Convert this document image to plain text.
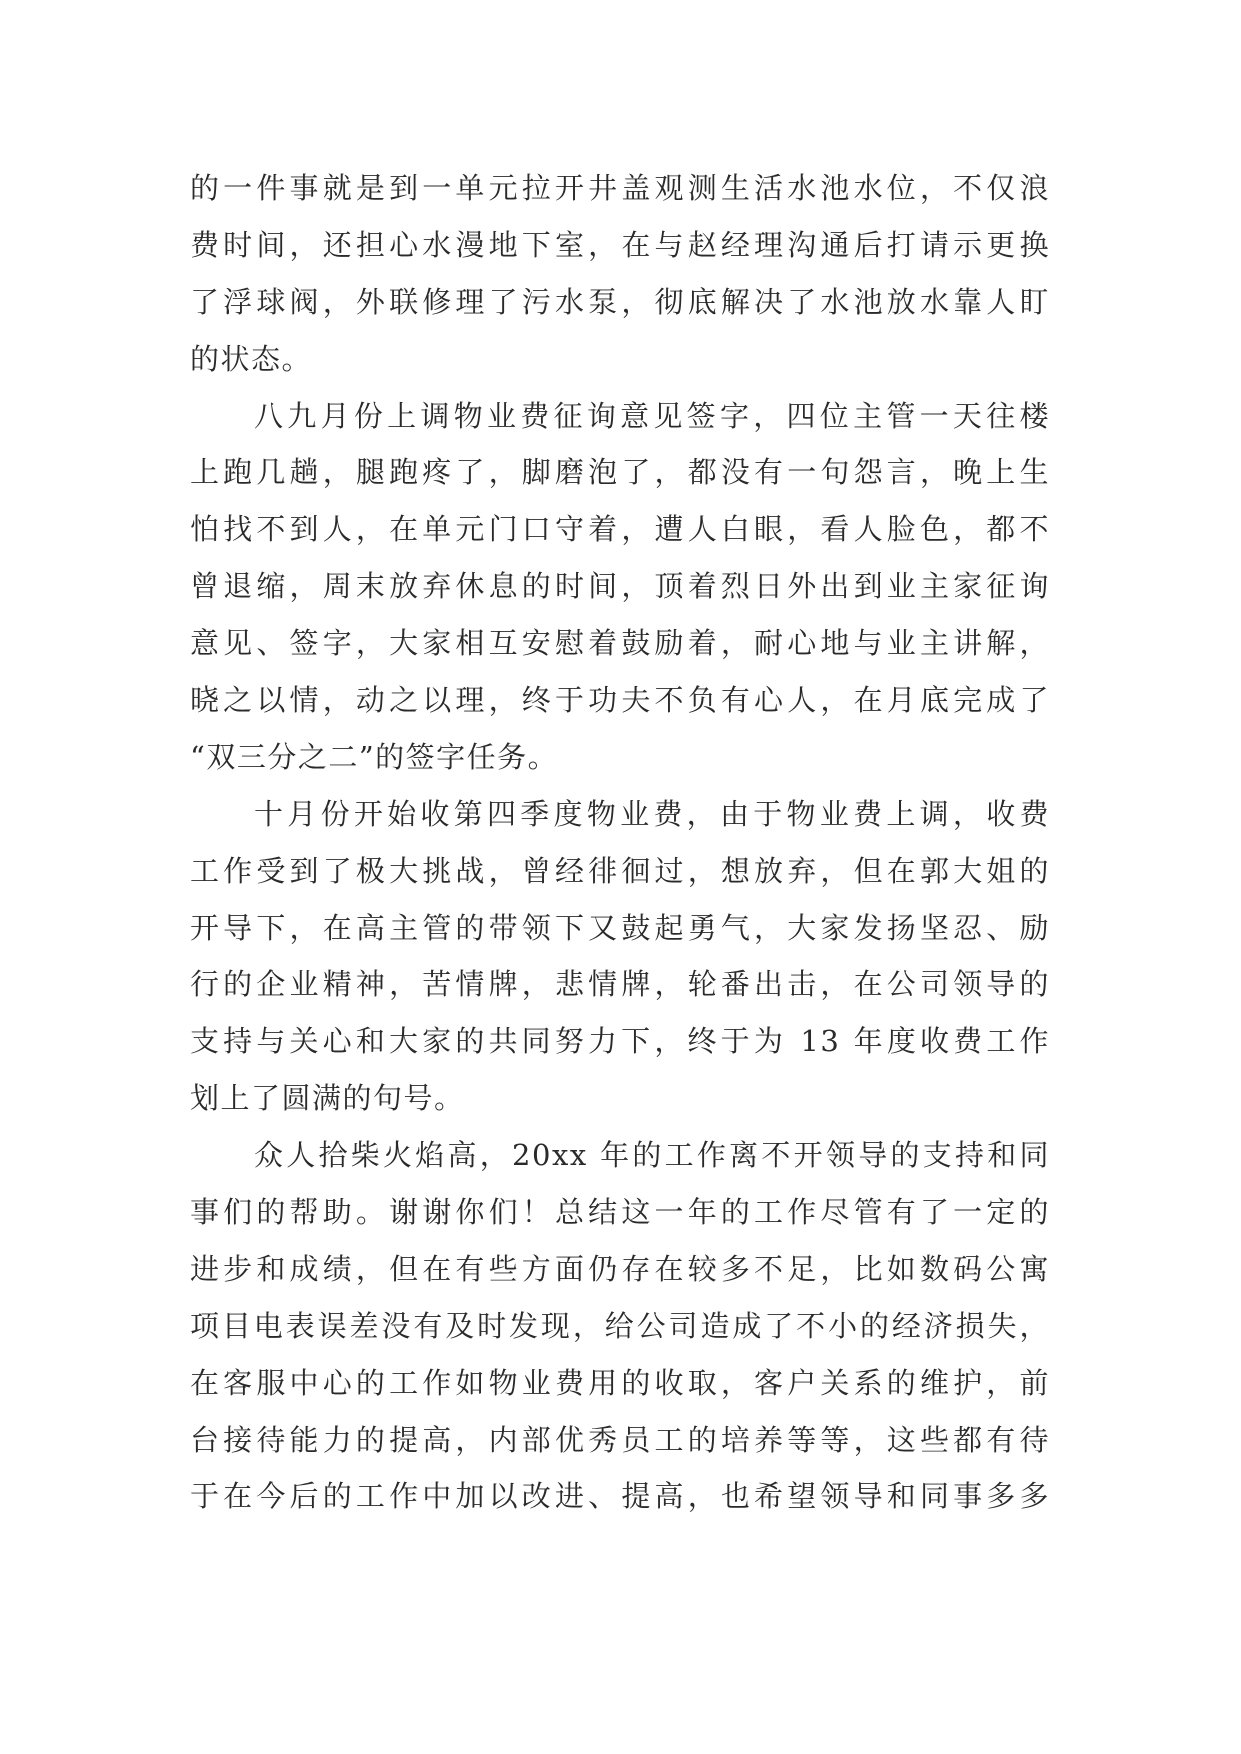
的一件事就是到一单元拉开井盖观测生活水池水位，不仅浪
费时间，还担心水漫地下室，在与赵经理沟通后打请示更换
了浮球阀，外联修理了污水泵，彻底解决了水池放水靠人盯
的状态。
八九月份上调物业费征询意见签字，四位主管一天往楼
上跑几趟，腿跑疼了，脚磨泡了，都没有一句怨言，晚上生
怕找不到人，在单元门口守着，遭人白眼，看人脸色，都不
曾退缩，周末放弃休息的时间，顶着烈日外出到业主家征询
意见、签字，大家相互安慰着鼓励着，耐心地与业主讲解，
晓之以情，动之以理，终于功夫不负有心人，在月底完成了
“双三分之二”的签字任务。
十月份开始收第四季度物业费，由于物业费上调，收费
工作受到了极大挑战，曾经徘徊过，想放弃，但在郭大姐的
开导下，在高主管的带领下又鼓起勇气，大家发扬坚忍、励
行的企业精神，苦情牌，悲情牌，轮番出击，在公司领导的
支持与关心和大家的共同努力下，终于为 13 年度收费工作
划上了圆满的句号。
众人拾柴火焰高，20xx 年的工作离不开领导的支持和同
事们的帮助。谢谢你们！总结这一年的工作尽管有了一定的
进步和成绩，但在有些方面仍存在较多不足，比如数码公寓
项目电表误差没有及时发现，给公司造成了不小的经济损失，
在客服中心的工作如物业费用的收取，客户关系的维护，前
台接待能力的提高，内部优秀员工的培养等等，这些都有待
于在今后的工作中加以改进、提高，也希望领导和同事多多
